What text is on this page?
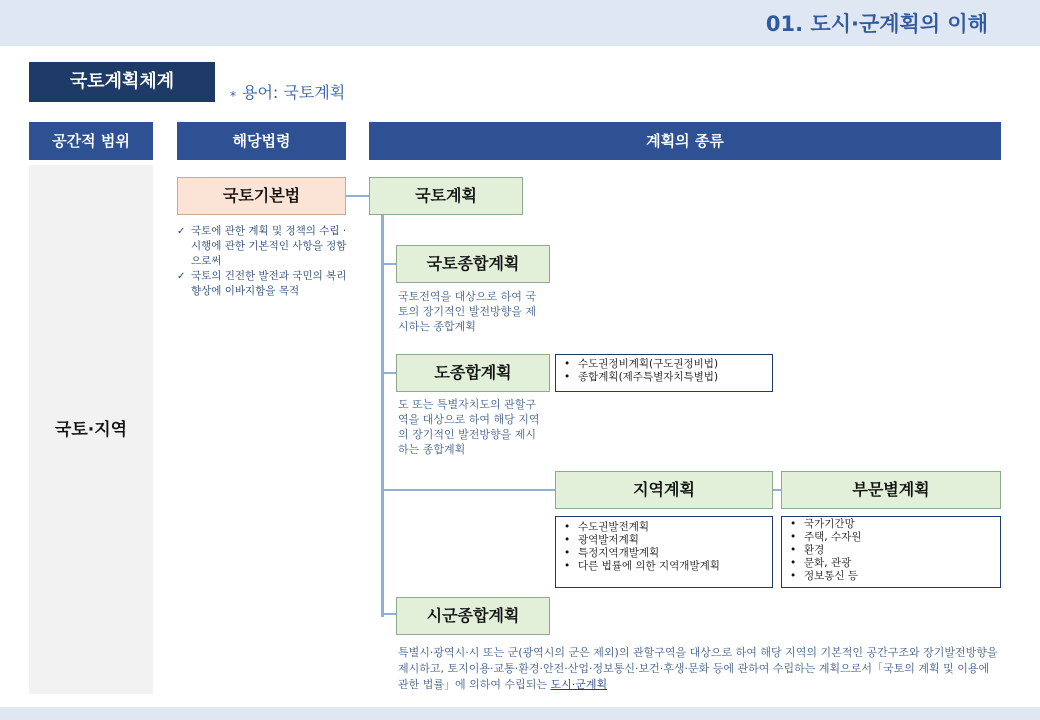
01. 도시·군계획의 이해
국토계획체계
* 용어: 국토계획
공간적 범위	해당법령	계획의 종류
국토·지역
국토기본법
✓ 국토에 관한 계획 및 정책의 수립 · 시행에 관한 기본적인 사항을 정함으로써
✓ 국토의 건전한 발전과 국민의 복리향상에 이바지함을 목적
국토계획
국토종합계획
국토전역을 대상으로 하여 국토의 장기적인 발전방향을 제시하는 종합계획
도종합계획
•	수도권정비계획(구도권정비법)
• 종합계획(제주특별자치특별법)
도 또는 특별자치도의 관할구역을 대상으로 하여 해당 지역의 장기적인 발전방향을 제시하는 종합계획
지역계획
• 수도권발전계획
• 광역발저계획
• 특정지역개발계획
• 다른 법률에 의한 지역개발계획
부문별계획
• 국가기간망
• 주택, 수자원
• 환경
• 문화, 관광
• 정보통신 등
시군종합계획
특별시·광역시·시 또는 군(광역시의 군은 제외)의 관할구역을 대상으로 하여 해당 지역의 기본적인 공간구조와 장기발전방향을 제시하고, 토지이용·교통·환경·안전·산업·정보통신·보건·후생·문화 등에 관하여 수립하는 계획으로서「국토의 계획 및 이용에 관한 법률」에 의하여 수립되는 도시·군계획
